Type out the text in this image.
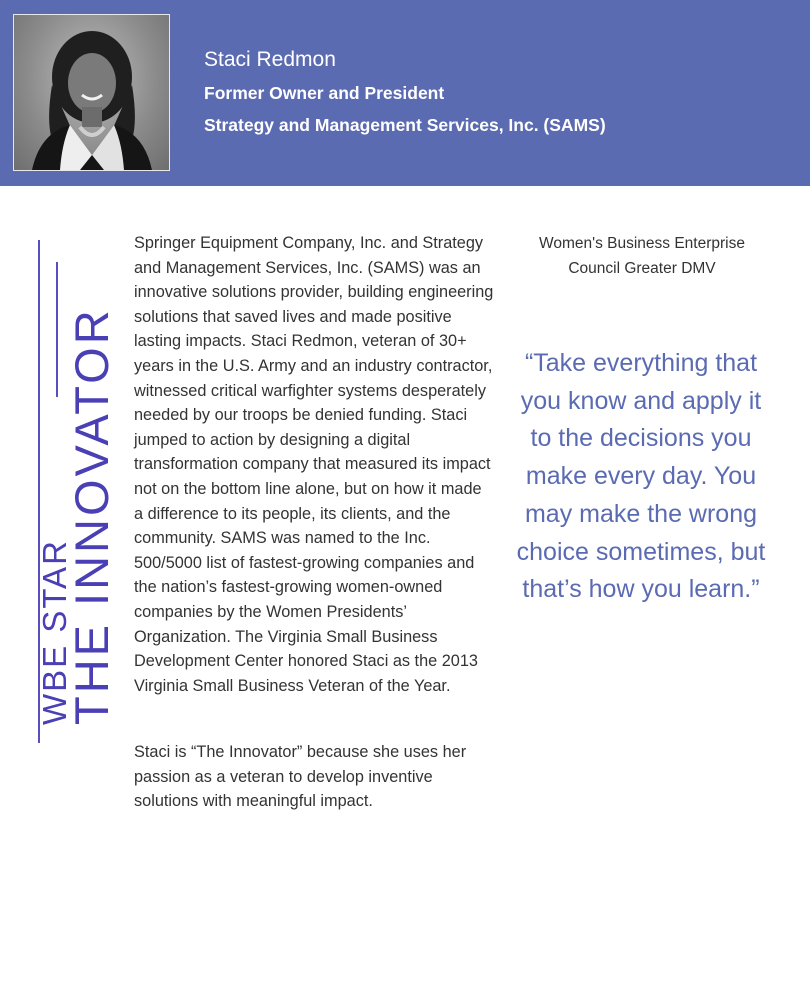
Staci Redmon
Former Owner and President
Strategy and Management Services, Inc. (SAMS)
WBE STAR
THE INNOVATOR

Springer Equipment Company, Inc. and Strategy and Management Services, Inc. (SAMS) was an innovative solutions provider, building engineering solutions that saved lives and made positive lasting impacts. Staci Redmon, veteran of 30+ years in the U.S. Army and an industry contractor, witnessed critical warfighter systems desperately needed by our troops be denied funding. Staci jumped to action by designing a digital transformation company that measured its impact not on the bottom line alone, but on how it made a difference to its people, its clients, and the community. SAMS was named to the Inc. 500/5000 list of fastest-growing companies and the nation’s fastest-growing women-owned companies by the Women Presidents’ Organization. The Virginia Small Business Development Center honored Staci as the 2013 Virginia Small Business Veteran of the Year.

Staci is “The Innovator” because she uses her passion as a veteran to develop inventive solutions with meaningful impact.

Women's Business Enterprise Council Greater DMV
“Take everything that you know and apply it to the decisions you make every day. You may make the wrong choice sometimes, but that’s how you learn.”
